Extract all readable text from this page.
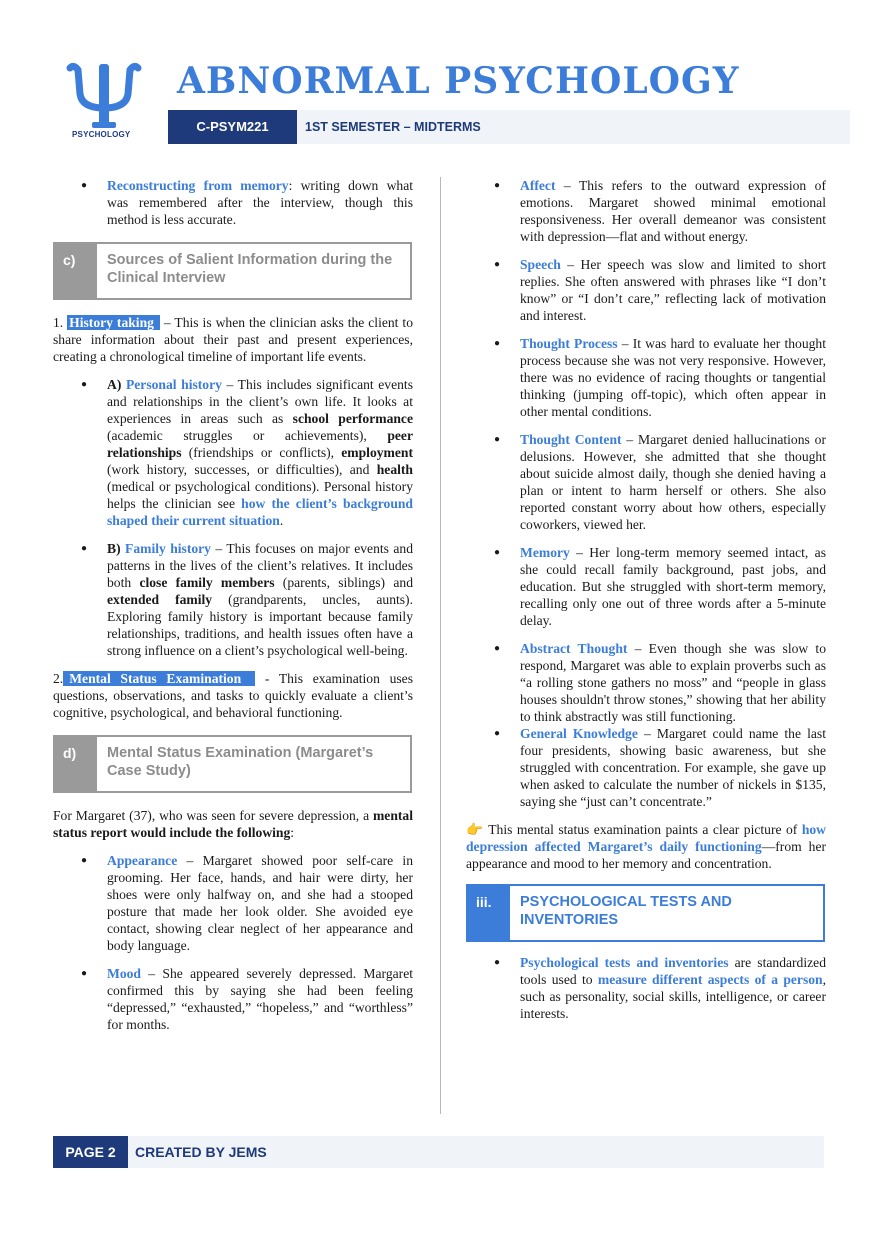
PSYCHOLOGY
ABNORMAL PSYCHOLOGY
C-PSYM221	1ST SEMESTER – MIDTERMS
● Reconstructing from memory: writing down what was remembered after the interview, though this method is less accurate.
c)	Sources of Salient Information during the Clinical Interview

1. History taking – This is when the clinician asks the client to share information about their past and present experiences, creating a chronological timeline of important life events.

● A) Personal history – This includes significant events and relationships in the client’s own life. It looks at experiences in areas such as school performance (academic struggles or achievements), peer relationships (friendships or conflicts), employment (work history, successes, or difficulties), and health (medical or psychological conditions). Personal history helps the clinician see how the client’s background shaped their current situation.
● B) Family history – This focuses on major events and patterns in the lives of the client’s relatives. It includes both close family members (parents, siblings) and extended family (grandparents, uncles, aunts). Exploring family history is important because family relationships, traditions, and health issues often have a strong influence on a client’s psychological well-being.

2. Mental Status Examination - This examination uses questions, observations, and tasks to quickly evaluate a client’s cognitive, psychological, and behavioral functioning.

d)	Mental Status Examination (Margaret’s Case Study)

For Margaret (37), who was seen for severe depression, a mental status report would include the following:

● Appearance – Margaret showed poor self-care in grooming. Her face, hands, and hair were dirty, her shoes were only halfway on, and she had a stooped posture that made her look older. She avoided eye contact, showing clear neglect of her appearance and body language.
● Mood – She appeared severely depressed. Margaret confirmed this by saying she had been feeling “depressed,” “exhausted,” “hopeless,” and “worthless” for months.
● Affect – This refers to the outward expression of emotions. Margaret showed minimal emotional responsiveness. Her overall demeanor was consistent with depression—flat and without energy.
● Speech – Her speech was slow and limited to short replies. She often answered with phrases like “I don’t know” or “I don’t care,” reflecting lack of motivation and interest.
● Thought Process – It was hard to evaluate her thought process because she was not very responsive. However, there was no evidence of racing thoughts or tangential thinking (jumping off-topic), which often appear in other mental conditions.
● Thought Content – Margaret denied hallucinations or delusions. However, she admitted that she thought about suicide almost daily, though she denied having a plan or intent to harm herself or others. She also reported constant worry about how others, especially coworkers, viewed her.
● Memory – Her long-term memory seemed intact, as she could recall family background, past jobs, and education. But she struggled with short-term memory, recalling only one out of three words after a 5-minute delay.
● Abstract Thought – Even though she was slow to respond, Margaret was able to explain proverbs such as “a rolling stone gathers no moss” and “people in glass houses shouldn't throw stones,” showing that her ability to think abstractly was still functioning.
● General Knowledge – Margaret could name the last four presidents, showing basic awareness, but she struggled with concentration. For example, she gave up when asked to calculate the number of nickels in $135, saying she “just can’t concentrate.”

👉 This mental status examination paints a clear picture of how depression affected Margaret’s daily functioning—from her appearance and mood to her memory and concentration.

iii.	PSYCHOLOGICAL TESTS AND INVENTORIES
● Psychological tests and inventories are standardized tools used to measure different aspects of a person, such as personality, social skills, intelligence, or career interests.
PAGE 2	CREATED BY JEMS
